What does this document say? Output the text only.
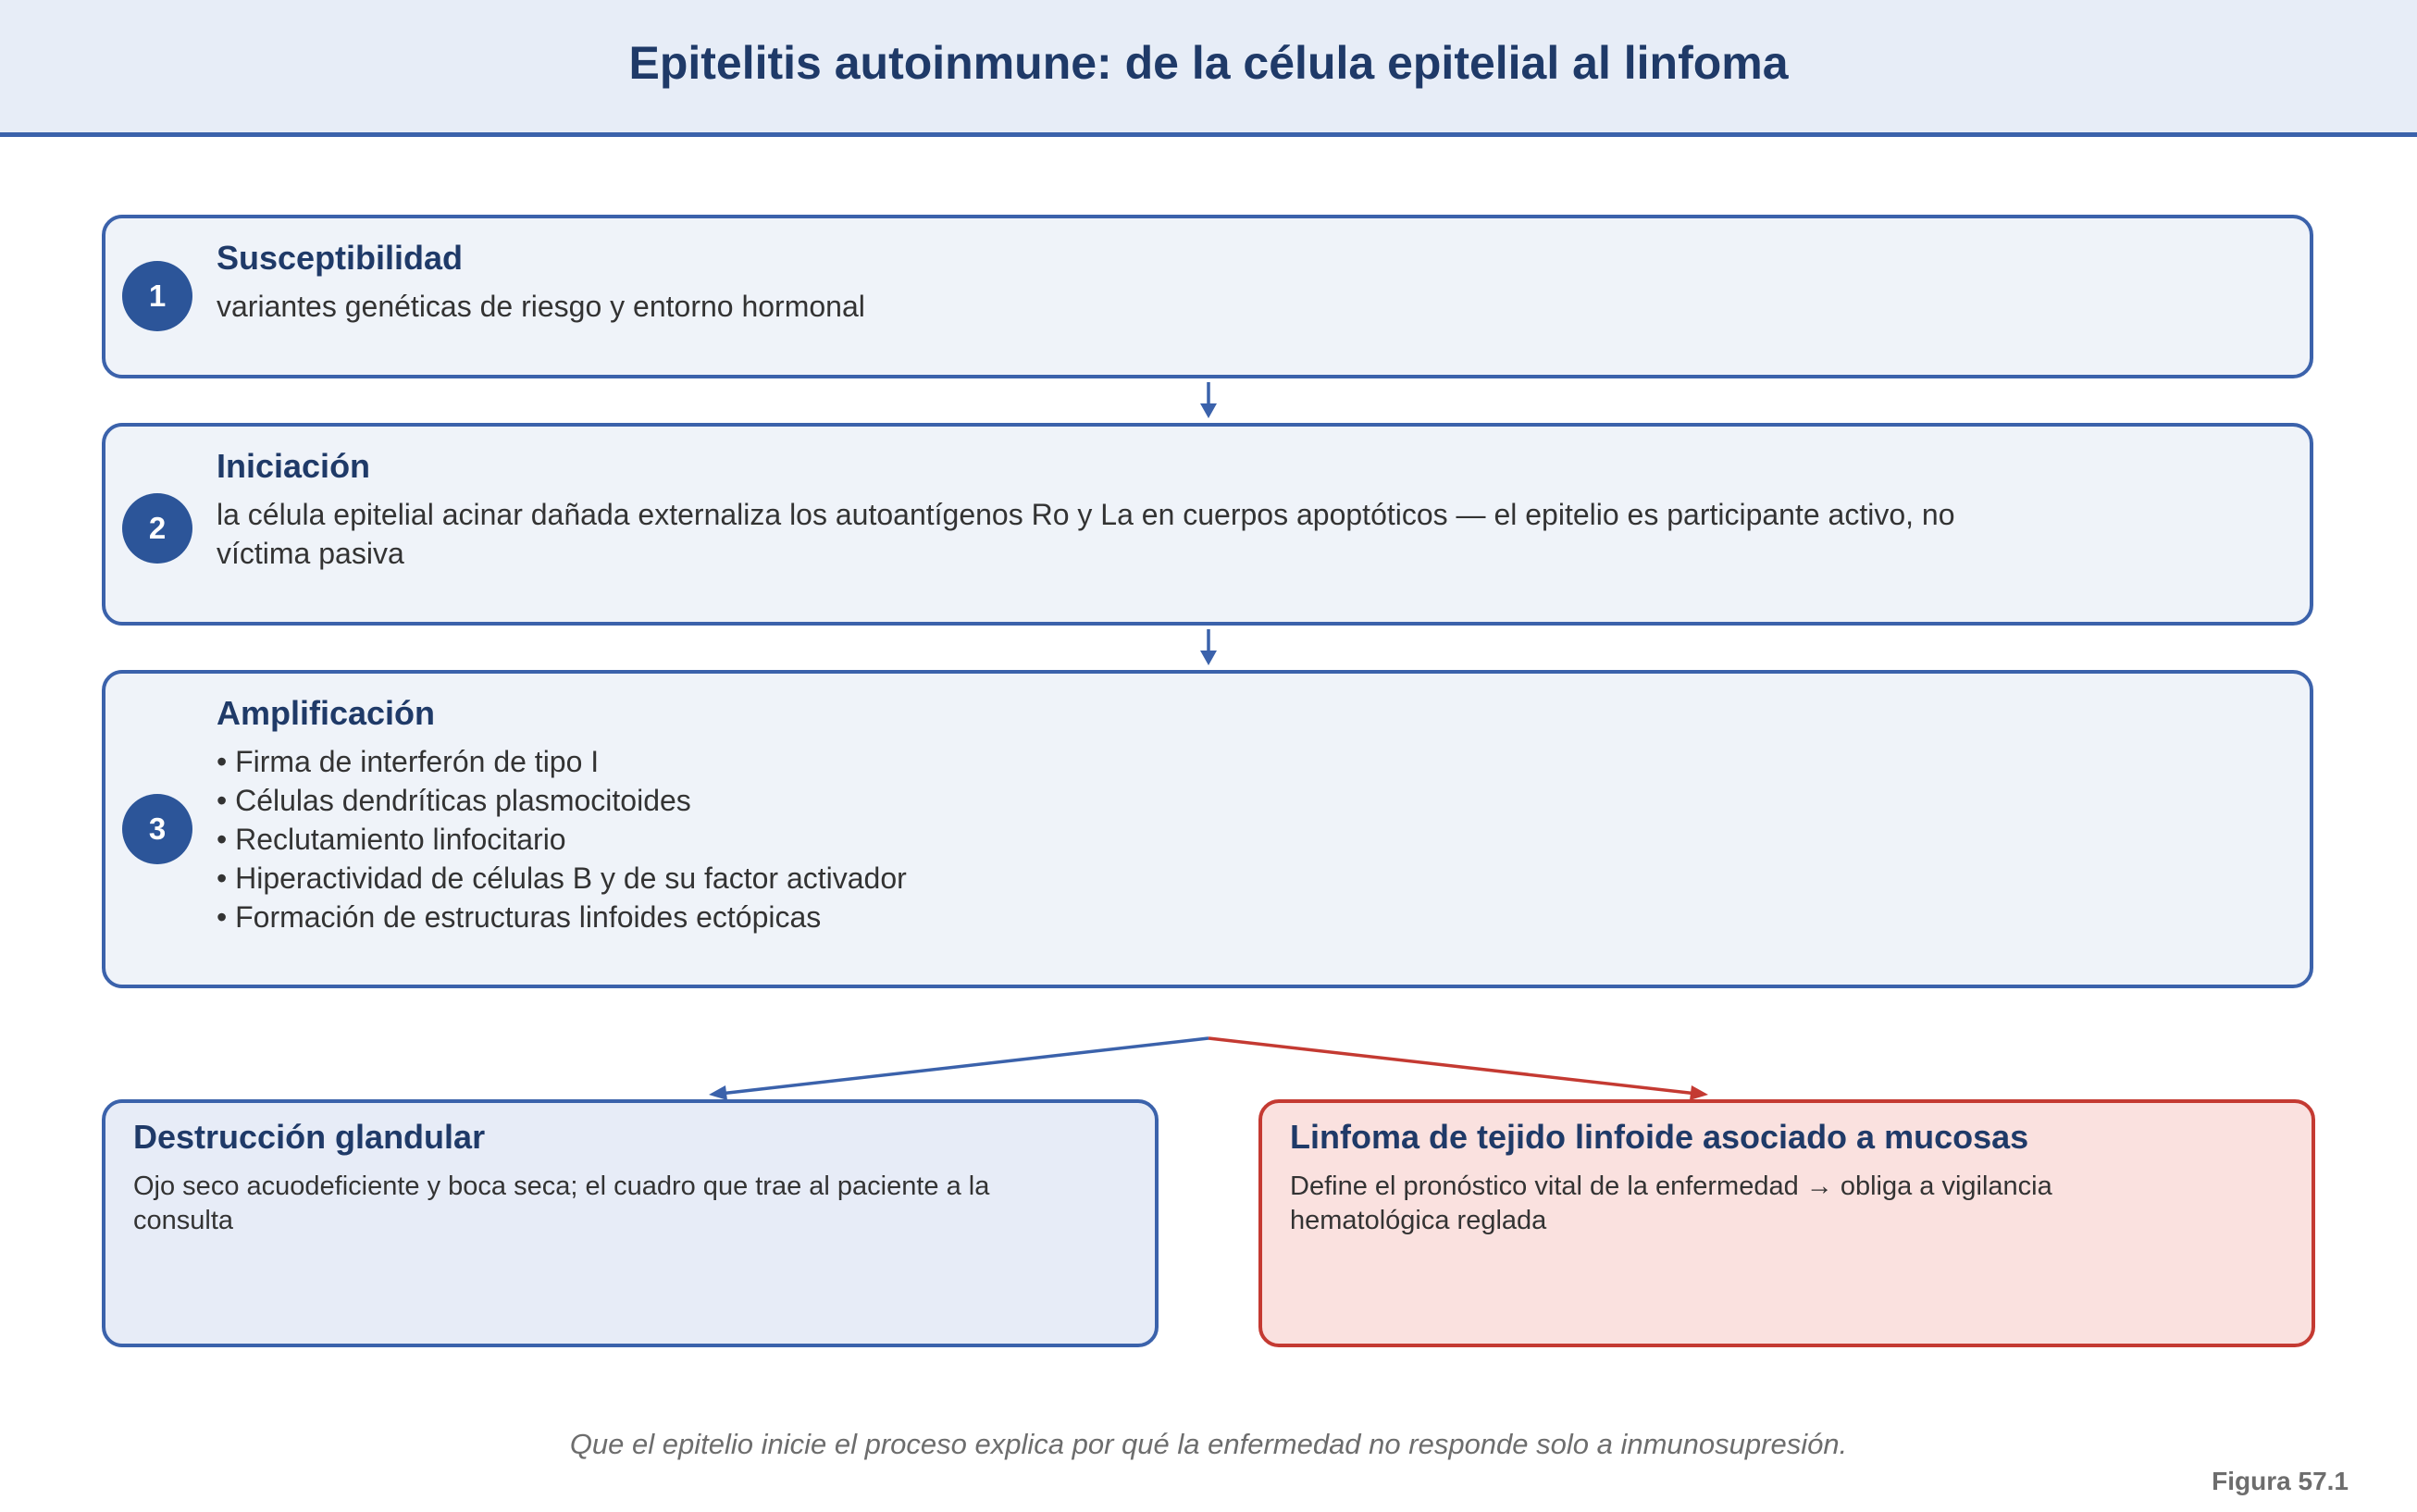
Epitelitis autoinmune: de la célula epitelial al linfoma
1
Susceptibilidad
variantes genéticas de riesgo y entorno hormonal
2
Iniciación
la célula epitelial acinar dañada externaliza los autoantígenos Ro y La en cuerpos apoptóticos — el epitelio es participante activo, no víctima pasiva
3
Amplificación
• Firma de interferón de tipo I
• Células dendríticas plasmocitoides
• Reclutamiento linfocitario
• Hiperactividad de células B y de su factor activador
• Formación de estructuras linfoides ectópicas
Destrucción glandular
Ojo seco acuodeficiente y boca seca; el cuadro que trae al paciente a la consulta
Linfoma de tejido linfoide asociado a mucosas
Define el pronóstico vital de la enfermedad → obliga a vigilancia hematológica reglada
Que el epitelio inicie el proceso explica por qué la enfermedad no responde solo a inmunosupresión.
Figura 57.1
